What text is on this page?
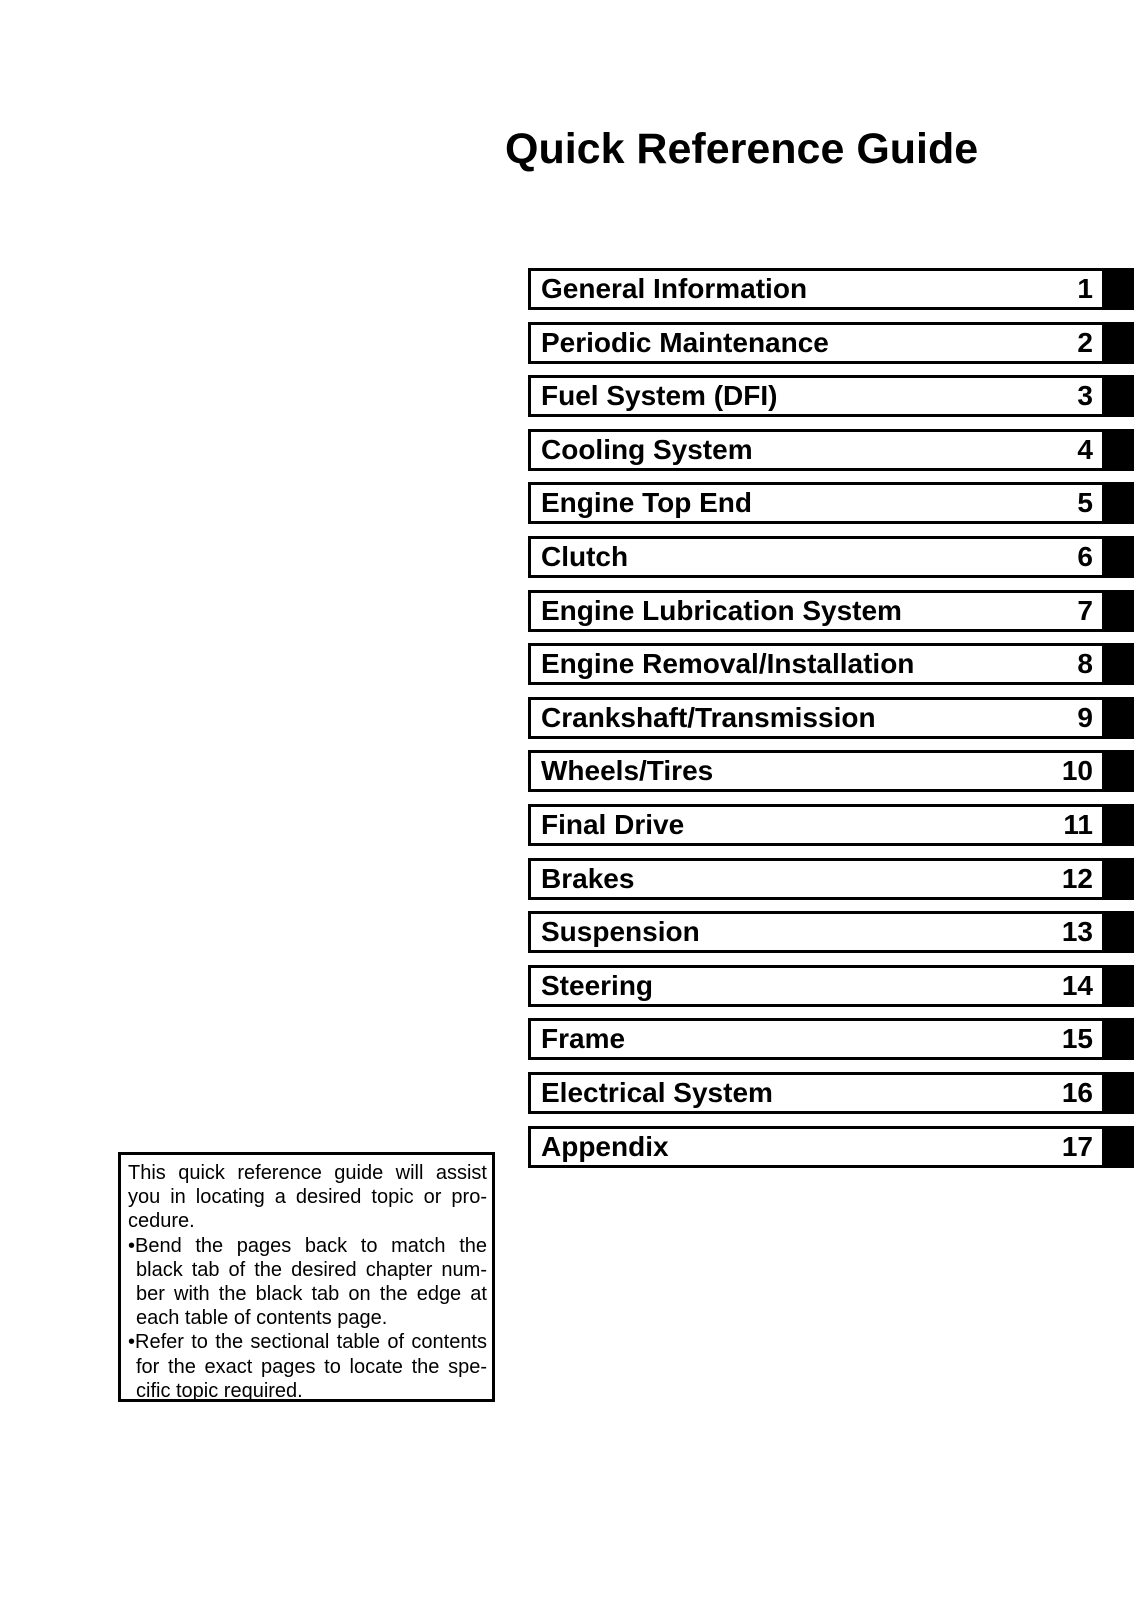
Quick Reference Guide
General Information	1
Periodic Maintenance	2
Fuel System (DFI)	3
Cooling System	4
Engine Top End	5
Clutch	6
Engine Lubrication System	7
Engine Removal/Installation	8
Crankshaft/Transmission	9
Wheels/Tires	10
Final Drive	11
Brakes	12
Suspension	13
Steering	14
Frame	15
Electrical System	16
Appendix	17
This quick reference guide will assist
you in locating a desired topic or pro-
cedure.
•Bend the pages back to match the
black tab of the desired chapter num-
ber with the black tab on the edge at
each table of contents page.
•Refer to the sectional table of contents
for the exact pages to locate the spe-
cific topic required.
